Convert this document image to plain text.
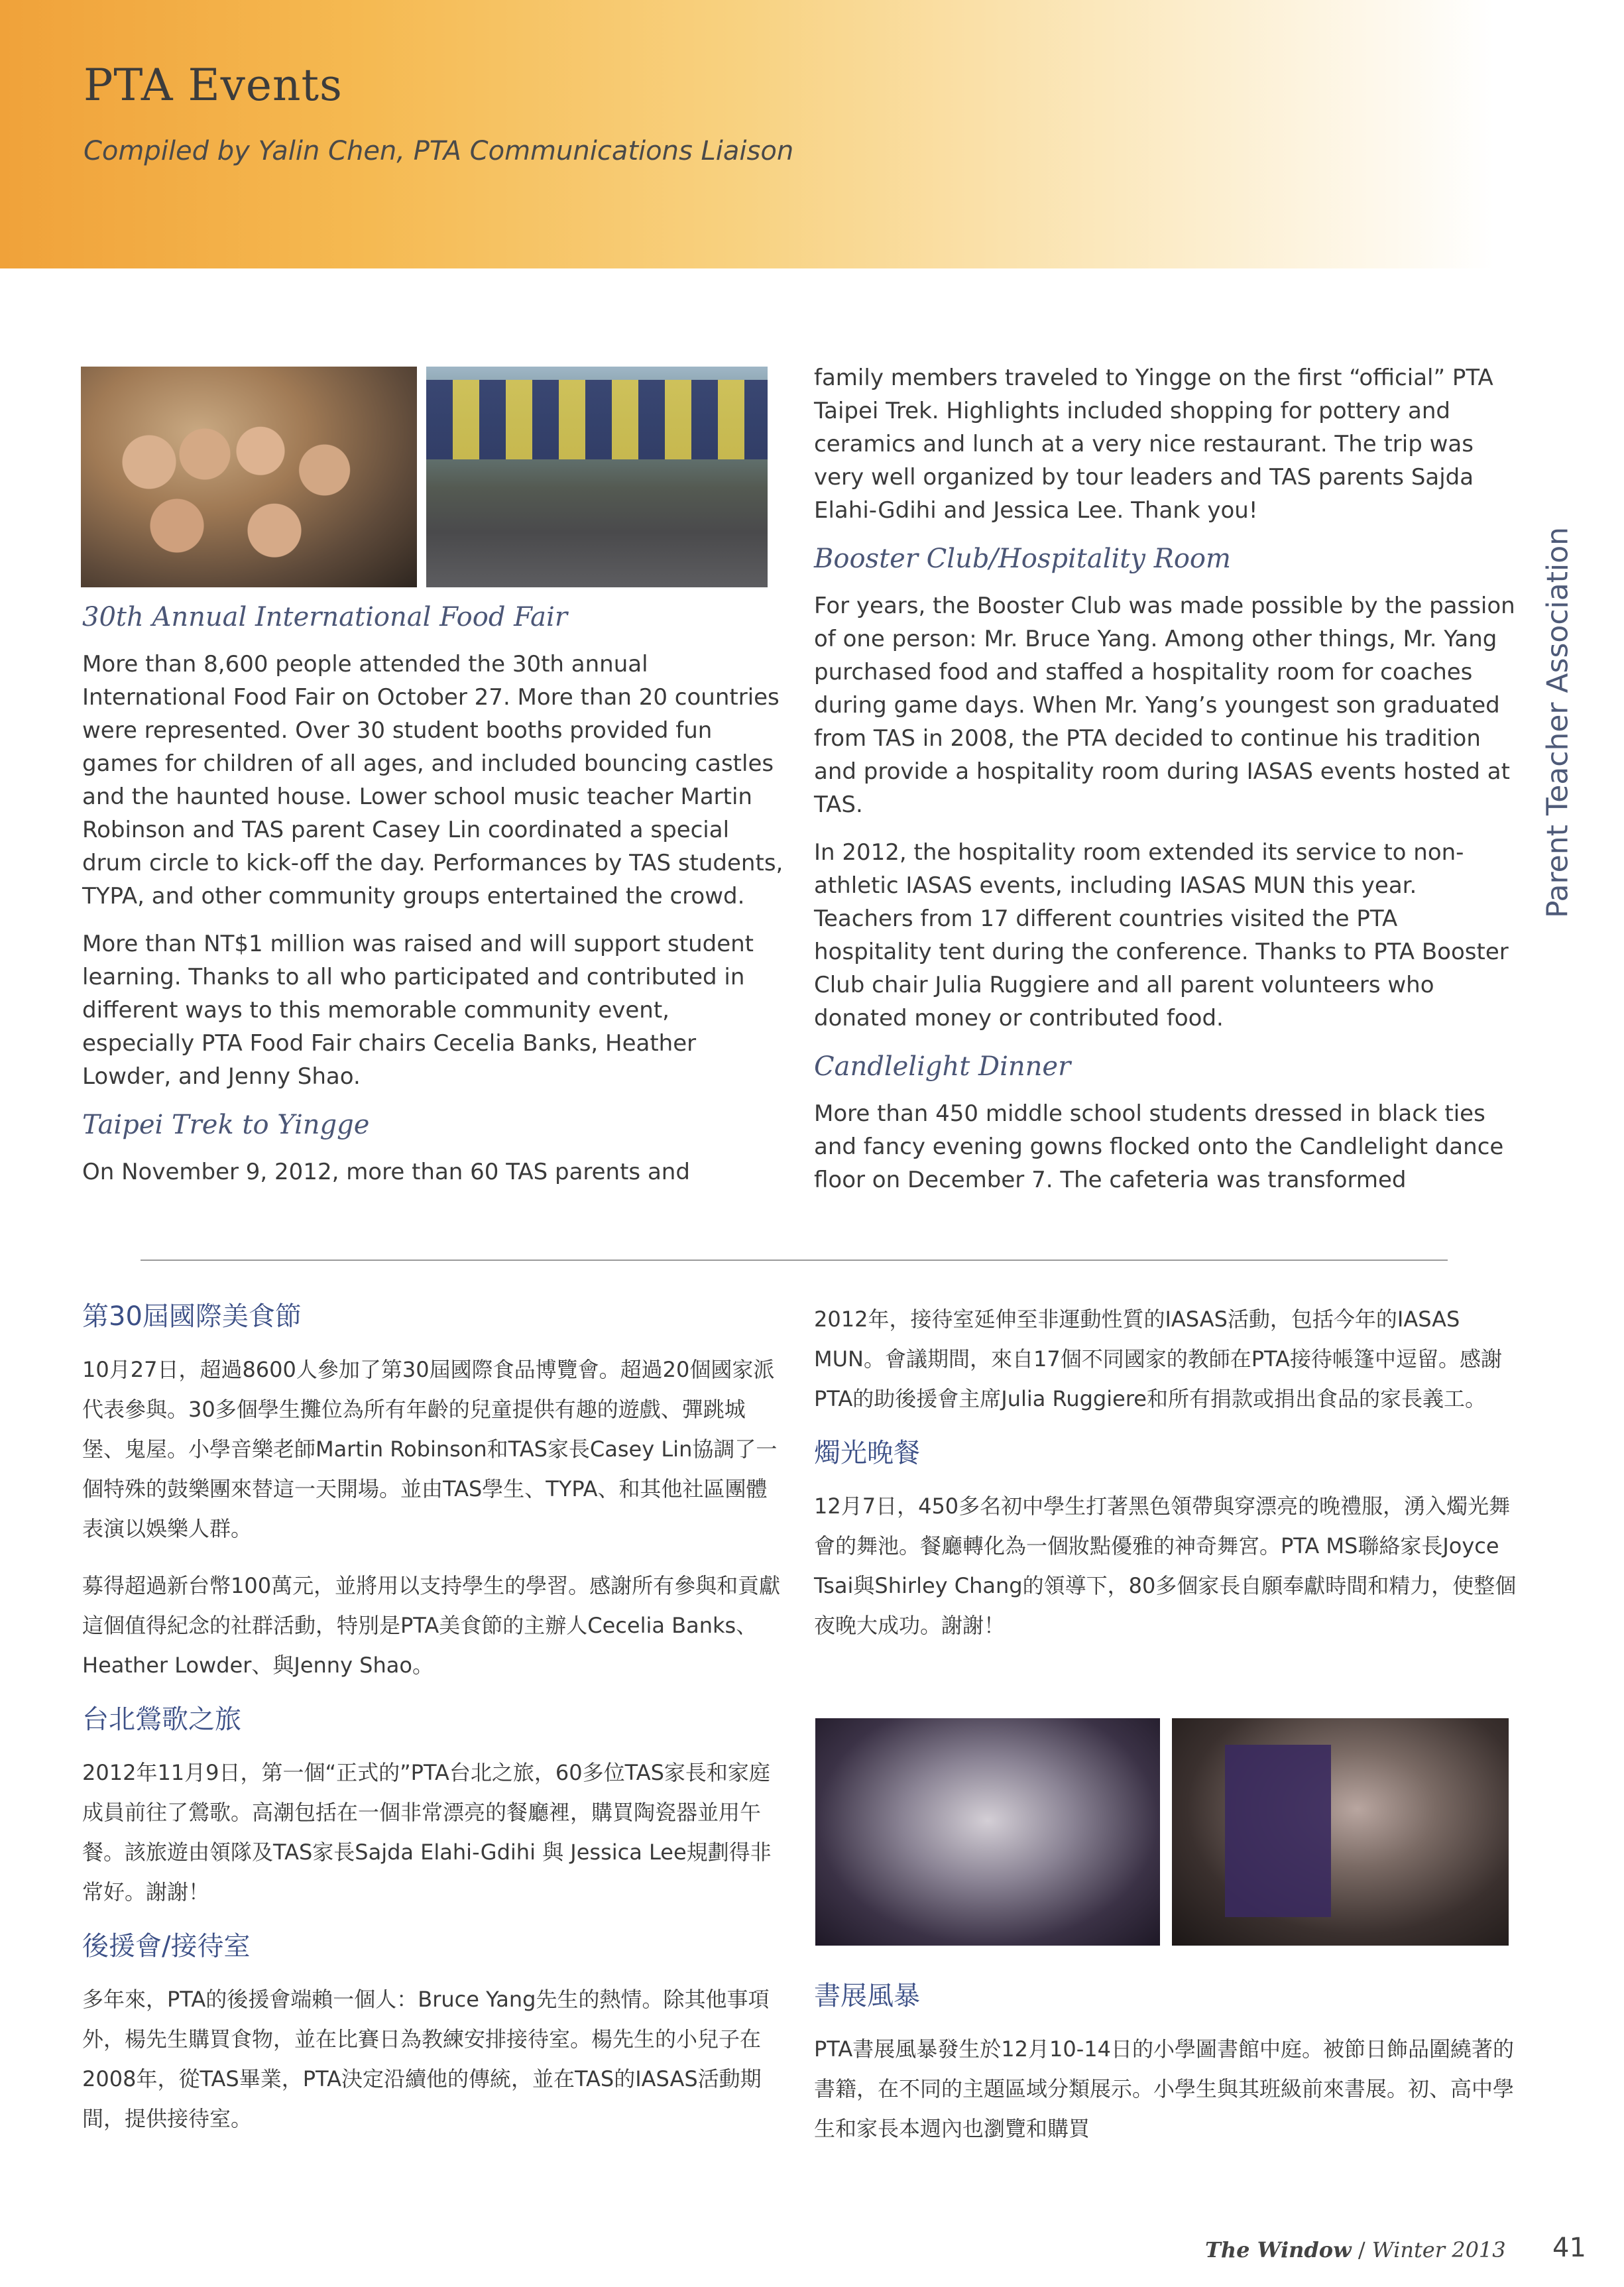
PTA Events
Compiled by Yalin Chen, PTA Communications Liaison
Parent Teacher Association
30th Annual International Food Fair

More than 8,600 people attended the 30th annual International Food Fair on October 27. More than 20 countries were represented. Over 30 student booths provided fun games for children of all ages, and included bouncing castles and the haunted house. Lower school music teacher Martin Robinson and TAS parent Casey Lin coordinated a special drum circle to kick-off the day. Performances by TAS students, TYPA, and other community groups entertained the crowd.

More than NT$1 million was raised and will support student learning. Thanks to all who participated and contributed in different ways to this memorable community event, especially PTA Food Fair chairs Cecelia Banks, Heather Lowder, and Jenny Shao.

Taipei Trek to Yingge

On November 9, 2012, more than 60 TAS parents and

family members traveled to Yingge on the first “official” PTA Taipei Trek. Highlights included shopping for pottery and ceramics and lunch at a very nice restaurant. The trip was very well organized by tour leaders and TAS parents Sajda Elahi-Gdihi and Jessica Lee. Thank you!

Booster Club/Hospitality Room

For years, the Booster Club was made possible by the passion of one person: Mr. Bruce Yang. Among other things, Mr. Yang purchased food and staffed a hospitality room for coaches during game days. When Mr. Yang’s youngest son graduated from TAS in 2008, the PTA decided to continue his tradition and provide a hospitality room during IASAS events hosted at TAS.

In 2012, the hospitality room extended its service to non-athletic IASAS events, including IASAS MUN this year. Teachers from 17 different countries visited the PTA hospitality tent during the conference. Thanks to PTA Booster Club chair Julia Ruggiere and all parent volunteers who donated money or contributed food.

Candlelight Dinner

More than 450 middle school students dressed in black ties and fancy evening gowns flocked onto the Candlelight dance floor on December 7. The cafeteria was transformed

第30屆國際美食節

10月27日，超過8600人參加了第30屆國際食品博覽會。超過20個國家派代表參與。30多個學生攤位為所有年齡的兒童提供有趣的遊戲、彈跳城堡、鬼屋。小學音樂老師Martin Robinson和TAS家長Casey Lin協調了一個特殊的鼓樂團來替這一天開場。並由TAS學生、TYPA、和其他社區團體表演以娛樂人群。

募得超過新台幣100萬元，並將用以支持學生的學習。感謝所有參與和貢獻這個值得紀念的社群活動，特別是PTA美食節的主辦人Cecelia Banks、Heather Lowder、與Jenny Shao。

台北鶯歌之旅

2012年11月9日，第一個“正式的”PTA台北之旅，60多位TAS家長和家庭成員前往了鶯歌。高潮包括在一個非常漂亮的餐廳裡，購買陶瓷器並用午餐。該旅遊由領隊及TAS家長Sajda Elahi-Gdihi 與 Jessica Lee規劃得非常好。謝謝！

後援會/接待室

多年來，PTA的後援會端賴一個人：Bruce Yang先生的熱情。除其他事項外，楊先生購買食物，並在比賽日為教練安排接待室。楊先生的小兒子在2008年，從TAS畢業，PTA決定沿續他的傳統，並在TAS的IASAS活動期間，提供接待室。

2012年，接待室延伸至非運動性質的IASAS活動，包括今年的IASAS MUN。會議期間，來自17個不同國家的教師在PTA接待帳篷中逗留。感謝PTA的助後援會主席Julia Ruggiere和所有捐款或捐出食品的家長義工。

燭光晚餐

12月7日，450多名初中學生打著黑色領帶與穿漂亮的晚禮服，湧入燭光舞會的舞池。餐廳轉化為一個妝點優雅的神奇舞宮。PTA MS聯絡家長Joyce Tsai與Shirley Chang的領導下，80多個家長自願奉獻時間和精力，使整個夜晚大成功。謝謝！

書展風暴

PTA書展風暴發生於12月10-14日的小學圖書館中庭。被節日飾品圍繞著的書籍，在不同的主題區域分類展示。小學生與其班級前來書展。初、高中學生和家長本週內也瀏覽和購買

The Window / Winter 2013 41
